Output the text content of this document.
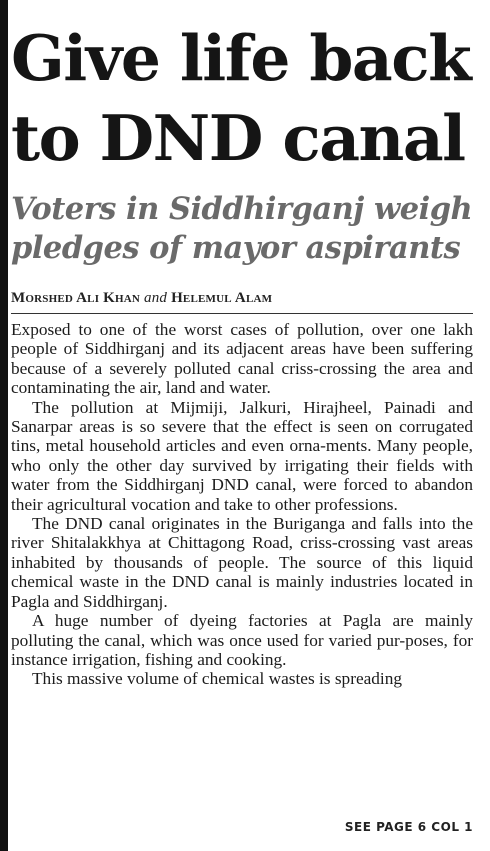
Give life back to DND canal
Voters in Siddhirganj weigh pledges of mayor aspirants
Morshed Ali Khan and Helemul Alam

Exposed to one of the worst cases of pollution, over one lakh people of Siddhirganj and its adjacent areas have been suffering because of a severely polluted canal criss-crossing the area and contaminating the air, land and water.

The pollution at Mijmiji, Jalkuri, Hirajheel, Painadi and Sanarpar areas is so severe that the effect is seen on corrugated tins, metal household articles and even orna-ments. Many people, who only the other day survived by irrigating their fields with water from the Siddhirganj DND canal, were forced to abandon their agricultural vocation and take to other professions.

The DND canal originates in the Buriganga and falls into the river Shitalakkhya at Chittagong Road, criss-crossing vast areas inhabited by thousands of people. The source of this liquid chemical waste in the DND canal is mainly industries located in Pagla and Siddhirganj.

A huge number of dyeing factories at Pagla are mainly polluting the canal, which was once used for varied pur-poses, for instance irrigation, fishing and cooking.

This massive volume of chemical wastes is spreading

SEE PAGE 6 COL 1
